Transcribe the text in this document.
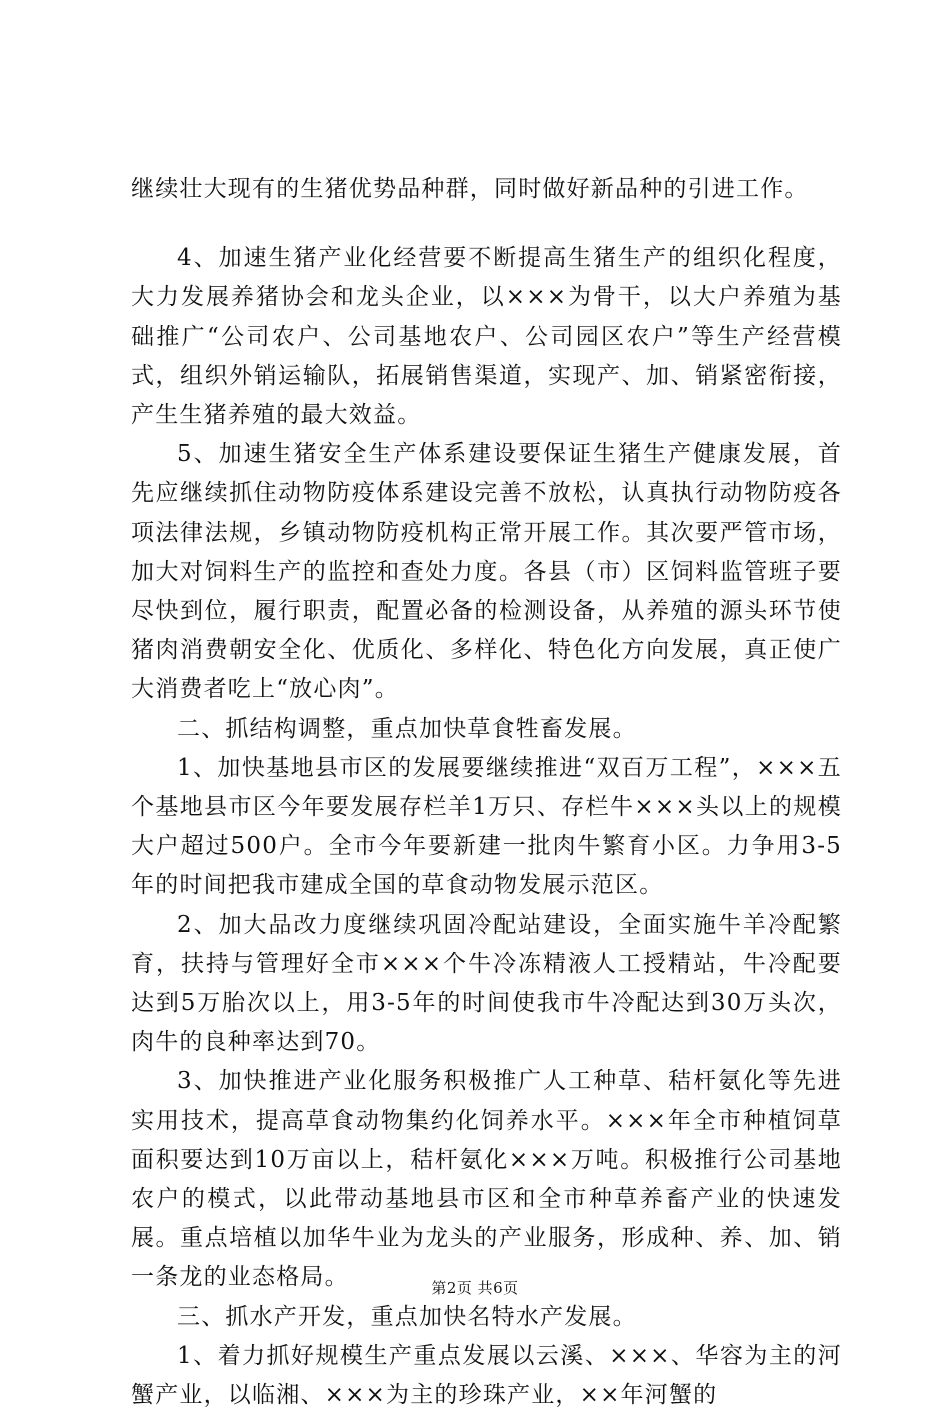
继续壮大现有的生猪优势品种群，同时做好新品种的引进工作。

4、加速生猪产业化经营要不断提高生猪生产的组织化程度，大力发展养猪协会和龙头企业，以×××为骨干，以大户养殖为基础推广“公司农户、公司基地农户、公司园区农户”等生产经营模式，组织外销运输队，拓展销售渠道，实现产、加、销紧密衔接，产生生猪养殖的最大效益。

5、加速生猪安全生产体系建设要保证生猪生产健康发展，首先应继续抓住动物防疫体系建设完善不放松，认真执行动物防疫各项法律法规，乡镇动物防疫机构正常开展工作。其次要严管市场，加大对饲料生产的监控和查处力度。各县（市）区饲料监管班子要尽快到位，履行职责，配置必备的检测设备，从养殖的源头环节使猪肉消费朝安全化、优质化、多样化、特色化方向发展，真正使广大消费者吃上“放心肉”。

二、抓结构调整，重点加快草食牲畜发展。

1、加快基地县市区的发展要继续推进“双百万工程”，×××五个基地县市区今年要发展存栏羊1万只、存栏牛×××头以上的规模大户超过500户。全市今年要新建一批肉牛繁育小区。力争用3-5年的时间把我市建成全国的草食动物发展示范区。

2、加大品改力度继续巩固冷配站建设，全面实施牛羊冷配繁育，扶持与管理好全市×××个牛冷冻精液人工授精站，牛冷配要达到5万胎次以上，用3-5年的时间使我市牛冷配达到30万头次，肉牛的良种率达到70。

3、加快推进产业化服务积极推广人工种草、秸杆氨化等先进实用技术，提高草食动物集约化饲养水平。×××年全市种植饲草面积要达到10万亩以上，秸杆氨化×××万吨。积极推行公司基地农户的模式，以此带动基地县市区和全市种草养畜产业的快速发展。重点培植以加华牛业为龙头的产业服务，形成种、养、加、销一条龙的业态格局。

三、抓水产开发，重点加快名特水产发展。

1、着力抓好规模生产重点发展以云溪、×××、华容为主的河蟹产业，以临湘、×××为主的珍珠产业，××年河蟹的

第2页 共6页
